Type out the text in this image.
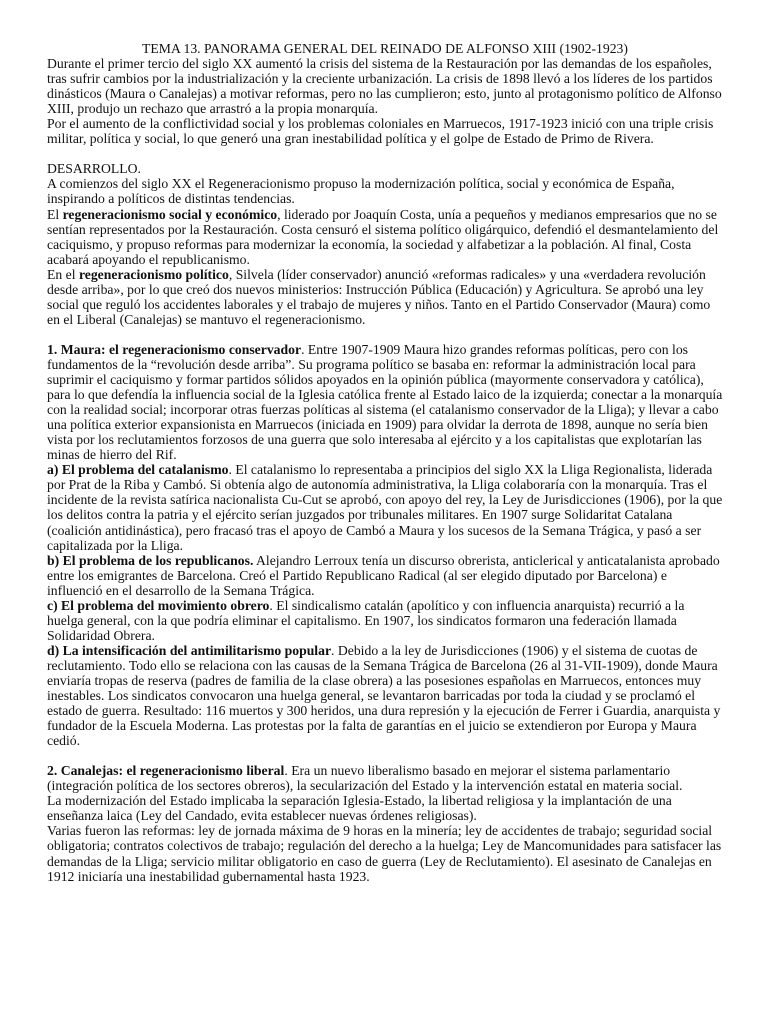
TEMA 13. PANORAMA GENERAL DEL REINADO DE ALFONSO XIII (1902-1923)

Durante el primer tercio del siglo XX aumentó la crisis del sistema de la Restauración por las demandas de los españoles, tras sufrir cambios por la industrialización y la creciente urbanización. La crisis de 1898 llevó a los líderes de los partidos dinásticos (Maura o Canalejas) a motivar reformas, pero no las cumplieron; esto, junto al protagonismo político de Alfonso XIII, produjo un rechazo que arrastró a la propia monarquía.

Por el aumento de la conflictividad social y los problemas coloniales en Marruecos, 1917-1923 inició con una triple crisis militar, política y social, lo que generó una gran inestabilidad política y el golpe de Estado de Primo de Rivera.

DESARROLLO.

A comienzos del siglo XX el Regeneracionismo propuso la modernización política, social y económica de España, inspirando a políticos de distintas tendencias.

El regeneracionismo social y económico, liderado por Joaquín Costa, unía a pequeños y medianos empresarios que no se sentían representados por la Restauración. Costa censuró el sistema político oligárquico, defendió el desmantelamiento del caciquismo, y propuso reformas para modernizar la economía, la sociedad y alfabetizar a la población. Al final, Costa acabará apoyando el republicanismo.

En el regeneracionismo político, Silvela (líder conservador) anunció «reformas radicales» y una «verdadera revolución desde arriba», por lo que creó dos nuevos ministerios: Instrucción Pública (Educación) y Agricultura. Se aprobó una ley social que reguló los accidentes laborales y el trabajo de mujeres y niños. Tanto en el Partido Conservador (Maura) como en el Liberal (Canalejas) se mantuvo el regeneracionismo.

1. Maura: el regeneracionismo conservador. Entre 1907-1909 Maura hizo grandes reformas políticas, pero con los fundamentos de la “revolución desde arriba”. Su programa político se basaba en: reformar la administración local para suprimir el caciquismo y formar partidos sólidos apoyados en la opinión pública (mayormente conservadora y católica), para lo que defendía la influencia social de la Iglesia católica frente al Estado laico de la izquierda; conectar a la monarquía con la realidad social; incorporar otras fuerzas políticas al sistema (el catalanismo conservador de la Lliga); y llevar a cabo una política exterior expansionista en Marruecos (iniciada en 1909) para olvidar la derrota de 1898, aunque no sería bien vista por los reclutamientos forzosos de una guerra que solo interesaba al ejército y a los capitalistas que explotarían las minas de hierro del Rif.

a) El problema del catalanismo. El catalanismo lo representaba a principios del siglo XX la Lliga Regionalista, liderada por Prat de la Riba y Cambó. Si obtenía algo de autonomía administrativa, la Lliga colaboraría con la monarquía. Tras el incidente de la revista satírica nacionalista Cu-Cut se aprobó, con apoyo del rey, la Ley de Jurisdicciones (1906), por la que los delitos contra la patria y el ejército serían juzgados por tribunales militares. En 1907 surge Solidaritat Catalana (coalición antidinástica), pero fracasó tras el apoyo de Cambó a Maura y los sucesos de la Semana Trágica, y pasó a ser capitalizada por la Lliga.

b) El problema de los republicanos. Alejandro Lerroux tenía un discurso obrerista, anticlerical y anticatalanista aprobado entre los emigrantes de Barcelona. Creó el Partido Republicano Radical (al ser elegido diputado por Barcelona) e influenció en el desarrollo de la Semana Trágica.

c) El problema del movimiento obrero. El sindicalismo catalán (apolítico y con influencia anarquista) recurrió a la huelga general, con la que podría eliminar el capitalismo. En 1907, los sindicatos formaron una federación llamada Solidaridad Obrera.

d) La intensificación del antimilitarismo popular. Debido a la ley de Jurisdicciones (1906) y el sistema de cuotas de reclutamiento. Todo ello se relaciona con las causas de la Semana Trágica de Barcelona (26 al 31-VII-1909), donde Maura enviaría tropas de reserva (padres de familia de la clase obrera) a las posesiones españolas en Marruecos, entonces muy inestables. Los sindicatos convocaron una huelga general, se levantaron barricadas por toda la ciudad y se proclamó el estado de guerra. Resultado: 116 muertos y 300 heridos, una dura represión y la ejecución de Ferrer i Guardia, anarquista y fundador de la Escuela Moderna. Las protestas por la falta de garantías en el juicio se extendieron por Europa y Maura cedió.

2. Canalejas: el regeneracionismo liberal. Era un nuevo liberalismo basado en mejorar el sistema parlamentario (integración política de los sectores obreros), la secularización del Estado y la intervención estatal en materia social.

La modernización del Estado implicaba la separación Iglesia-Estado, la libertad religiosa y la implantación de una enseñanza laica (Ley del Candado, evita establecer nuevas órdenes religiosas).

Varias fueron las reformas: ley de jornada máxima de 9 horas en la minería; ley de accidentes de trabajo; seguridad social obligatoria; contratos colectivos de trabajo; regulación del derecho a la huelga; Ley de Mancomunidades para satisfacer las demandas de la Lliga; servicio militar obligatorio en caso de guerra (Ley de Reclutamiento). El asesinato de Canalejas en 1912 iniciaría una inestabilidad gubernamental hasta 1923.
